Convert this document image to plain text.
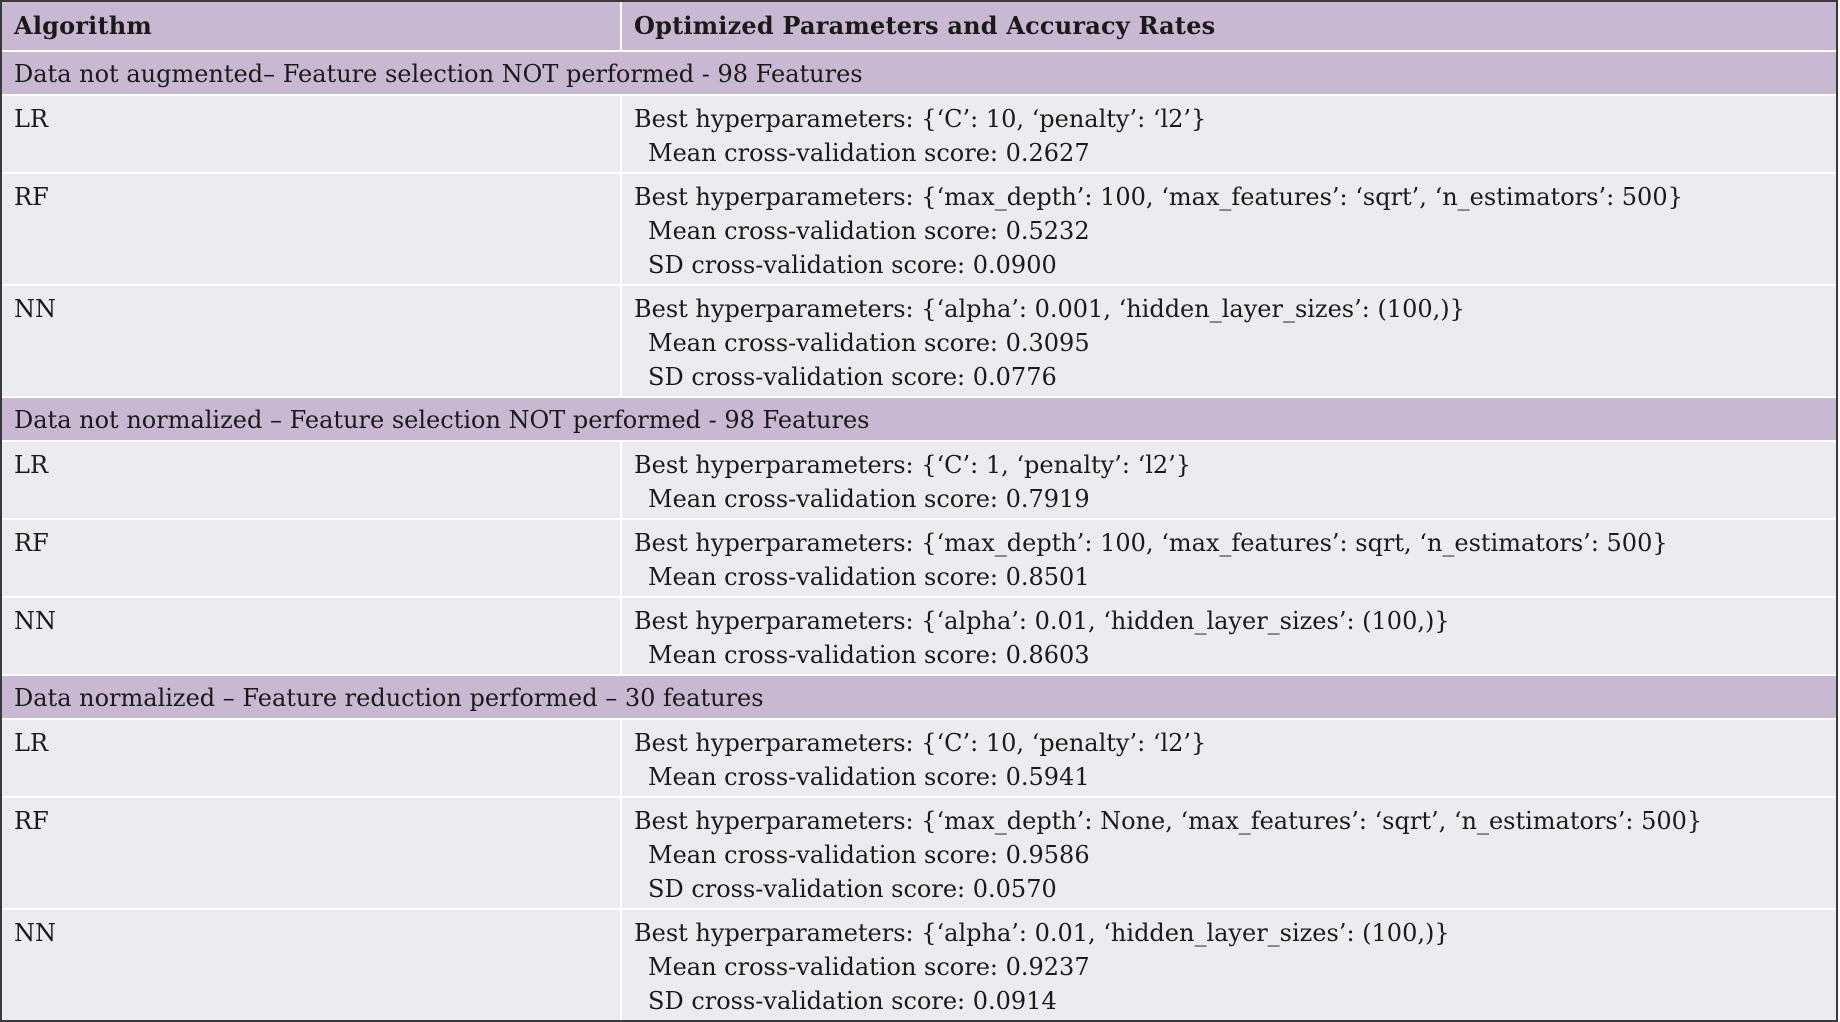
Algorithm	Optimized Parameters and Accuracy Rates
Data not augmented– Feature selection NOT performed - 98 Features
LR	Best hyperparameters: {‘C’: 10, ‘penalty’: ‘l2’}
Mean cross-validation score: 0.2627
RF	Best hyperparameters: {‘max_depth’: 100, ‘max_features’: ‘sqrt’, ‘n_estimators’: 500}
Mean cross-validation score: 0.5232
SD cross-validation score: 0.0900
NN	Best hyperparameters: {‘alpha’: 0.001, ‘hidden_layer_sizes’: (100,)}
Mean cross-validation score: 0.3095
SD cross-validation score: 0.0776
Data not normalized – Feature selection NOT performed - 98 Features
LR	Best hyperparameters: {‘C’: 1, ‘penalty’: ‘l2’}
Mean cross-validation score: 0.7919
RF	Best hyperparameters: {‘max_depth’: 100, ‘max_features’: sqrt, ‘n_estimators’: 500}
Mean cross-validation score: 0.8501
NN	Best hyperparameters: {‘alpha’: 0.01, ‘hidden_layer_sizes’: (100,)}
Mean cross-validation score: 0.8603
Data normalized – Feature reduction performed – 30 features
LR	Best hyperparameters: {‘C’: 10, ‘penalty’: ‘l2’}
Mean cross-validation score: 0.5941
RF	Best hyperparameters: {‘max_depth’: None, ‘max_features’: ‘sqrt’, ‘n_estimators’: 500}
Mean cross-validation score: 0.9586
SD cross-validation score: 0.0570
NN	Best hyperparameters: {‘alpha’: 0.01, ‘hidden_layer_sizes’: (100,)}
Mean cross-validation score: 0.9237
SD cross-validation score: 0.0914
